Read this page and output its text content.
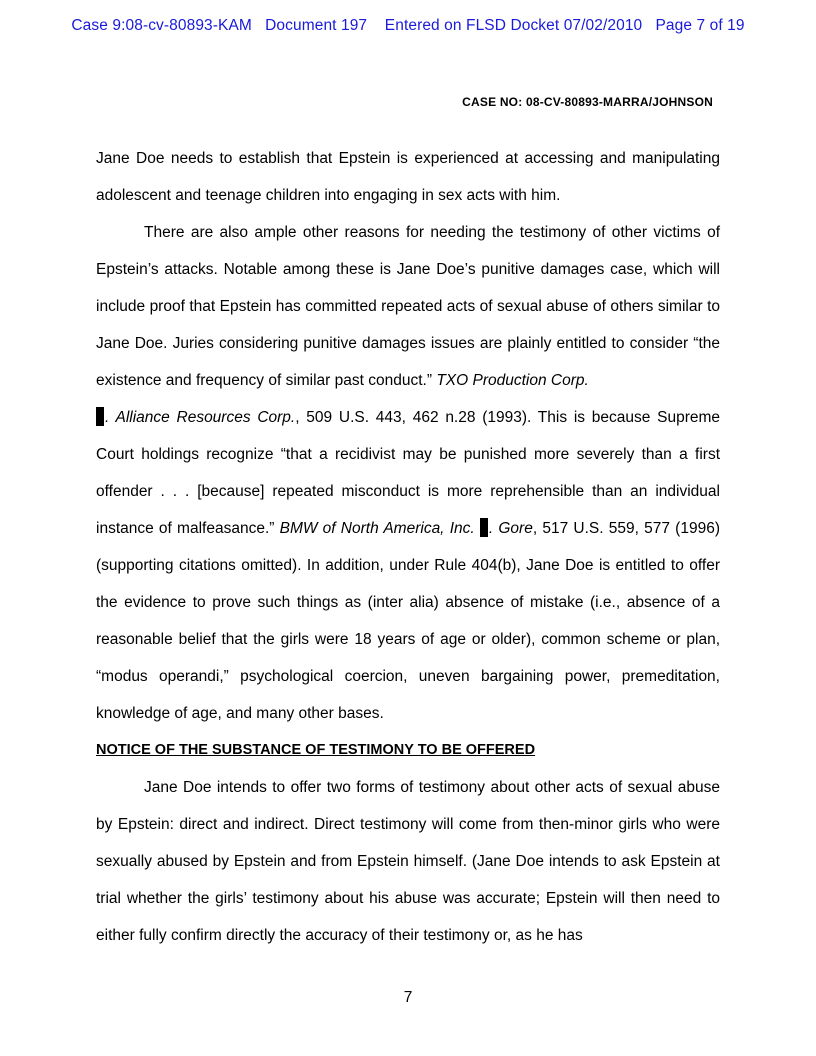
Case 9:08-cv-80893-KAM   Document 197    Entered on FLSD Docket 07/02/2010   Page 7 of 19
CASE NO: 08-CV-80893-MARRA/JOHNSON

Jane Doe needs to establish that Epstein is experienced at accessing and manipulating adolescent and teenage children into engaging in sex acts with him.

There are also ample other reasons for needing the testimony of other victims of Epstein’s attacks. Notable among these is Jane Doe’s punitive damages case, which will include proof that Epstein has committed repeated acts of sexual abuse of others similar to Jane Doe. Juries considering punitive damages issues are plainly entitled to consider “the existence and frequency of similar past conduct.” TXO Production Corp.
. Alliance Resources Corp., 509 U.S. 443, 462 n.28 (1993). This is because Supreme Court holdings recognize “that a recidivist may be punished more severely than a first offender . . . [because] repeated misconduct is more reprehensible than an individual instance of malfeasance.” BMW of North America, Inc. . Gore, 517 U.S. 559, 577 (1996) (supporting citations omitted). In addition, under Rule 404(b), Jane Doe is entitled to offer the evidence to prove such things as (inter alia) absence of mistake (i.e., absence of a reasonable belief that the girls were 18 years of age or older), common scheme or plan, “modus operandi,” psychological coercion, uneven bargaining power, premeditation, knowledge of age, and many other bases.

NOTICE OF THE SUBSTANCE OF TESTIMONY TO BE OFFERED

Jane Doe intends to offer two forms of testimony about other acts of sexual abuse by Epstein: direct and indirect. Direct testimony will come from then-minor girls who were sexually abused by Epstein and from Epstein himself. (Jane Doe intends to ask Epstein at trial whether the girls’ testimony about his abuse was accurate; Epstein will then need to either fully confirm directly the accuracy of their testimony or, as he has

7
